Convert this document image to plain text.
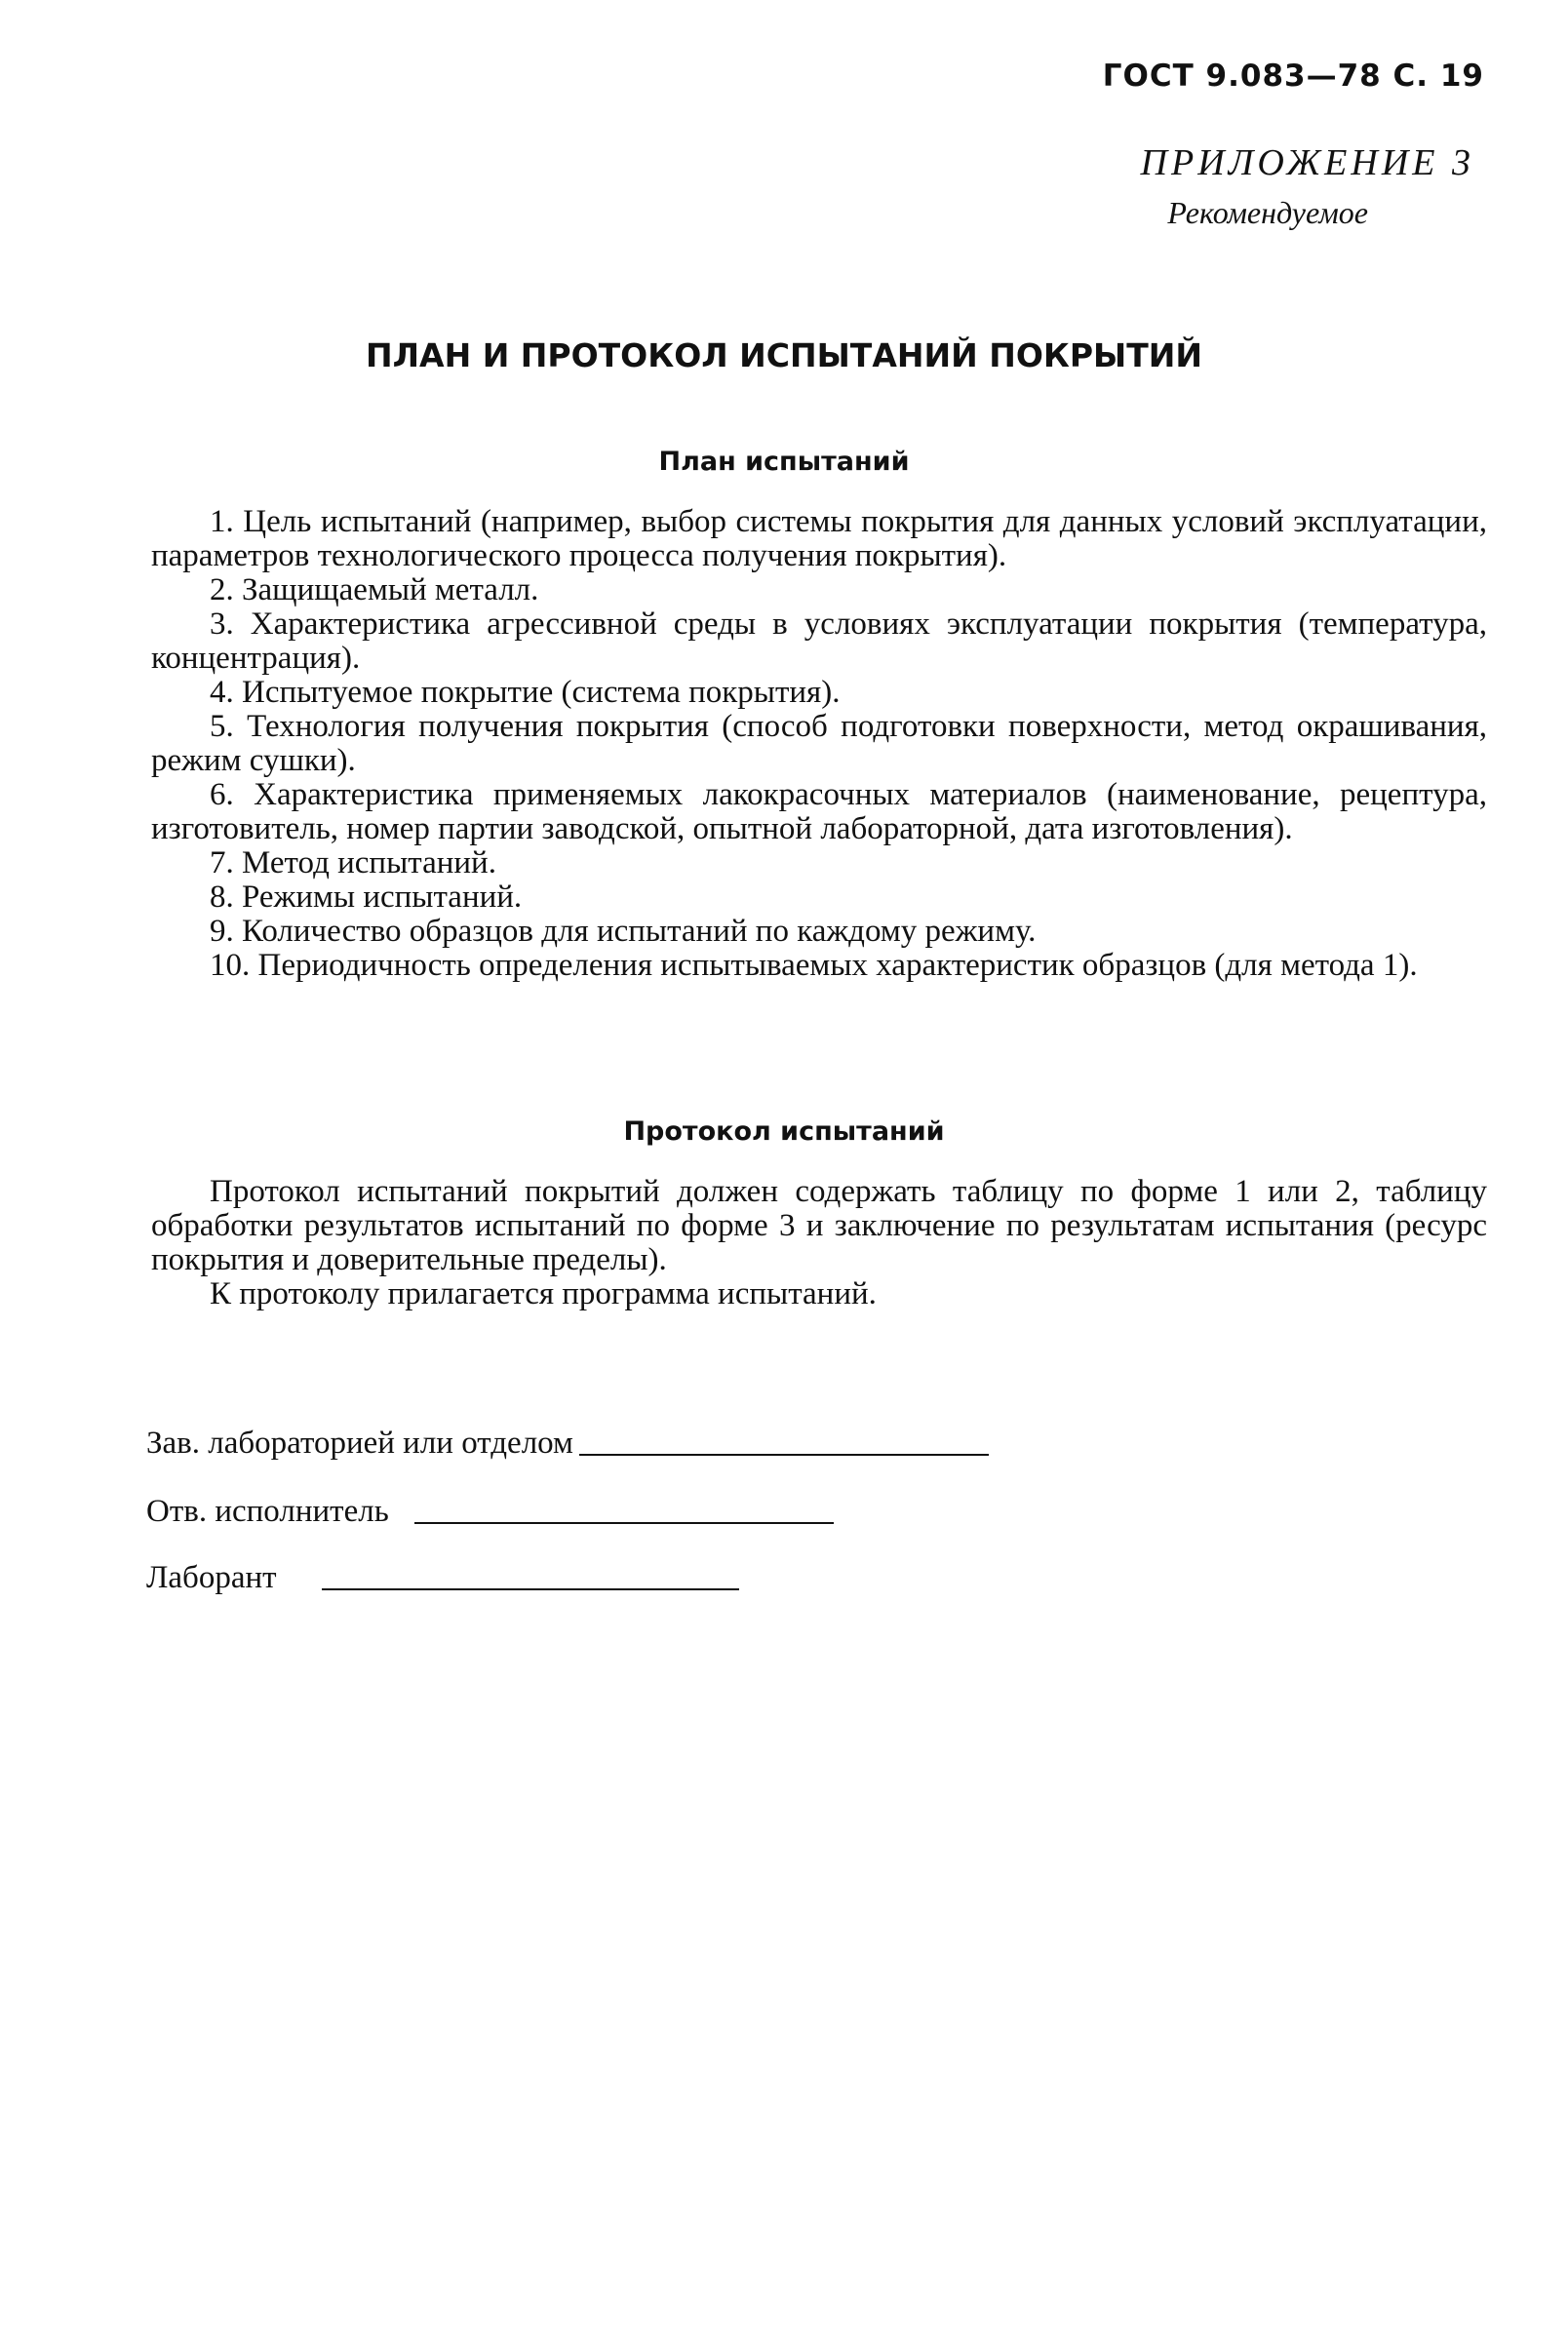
ГОСТ 9.083—78 С. 19
ПРИЛОЖЕНИЕ 3
Рекомендуемое
ПЛАН И ПРОТОКОЛ ИСПЫТАНИЙ ПОКРЫТИЙ
План испытаний
1. Цель испытаний (например, выбор системы покрытия для данных условий эксплуатации, параметров технологического процесса получения покрытия).
2. Защищаемый металл.
3. Характеристика агрессивной среды в условиях эксплуатации покрытия (температура, концентрация).
4. Испытуемое покрытие (система покрытия).
5. Технология получения покрытия (способ подготовки поверхности, метод окрашивания, режим сушки).
6. Характеристика применяемых лакокрасочных материалов (наименование, рецептура, изготовитель, номер партии заводской, опытной лабораторной, дата изготовления).
7. Метод испытаний.
8. Режимы испытаний.
9. Количество образцов для испытаний по каждому режиму.
10. Периодичность определения испытываемых характеристик образцов (для метода 1).
Протокол испытаний

Протокол испытаний покрытий должен содержать таблицу по форме 1 или 2, таблицу обработки результатов испытаний по форме 3 и заключение по результатам испытания (ресурс покрытия и доверительные пределы).

К протоколу прилагается программа испытаний.

Зав. лабораторией или отделом
Отв. исполнитель
Лаборант
